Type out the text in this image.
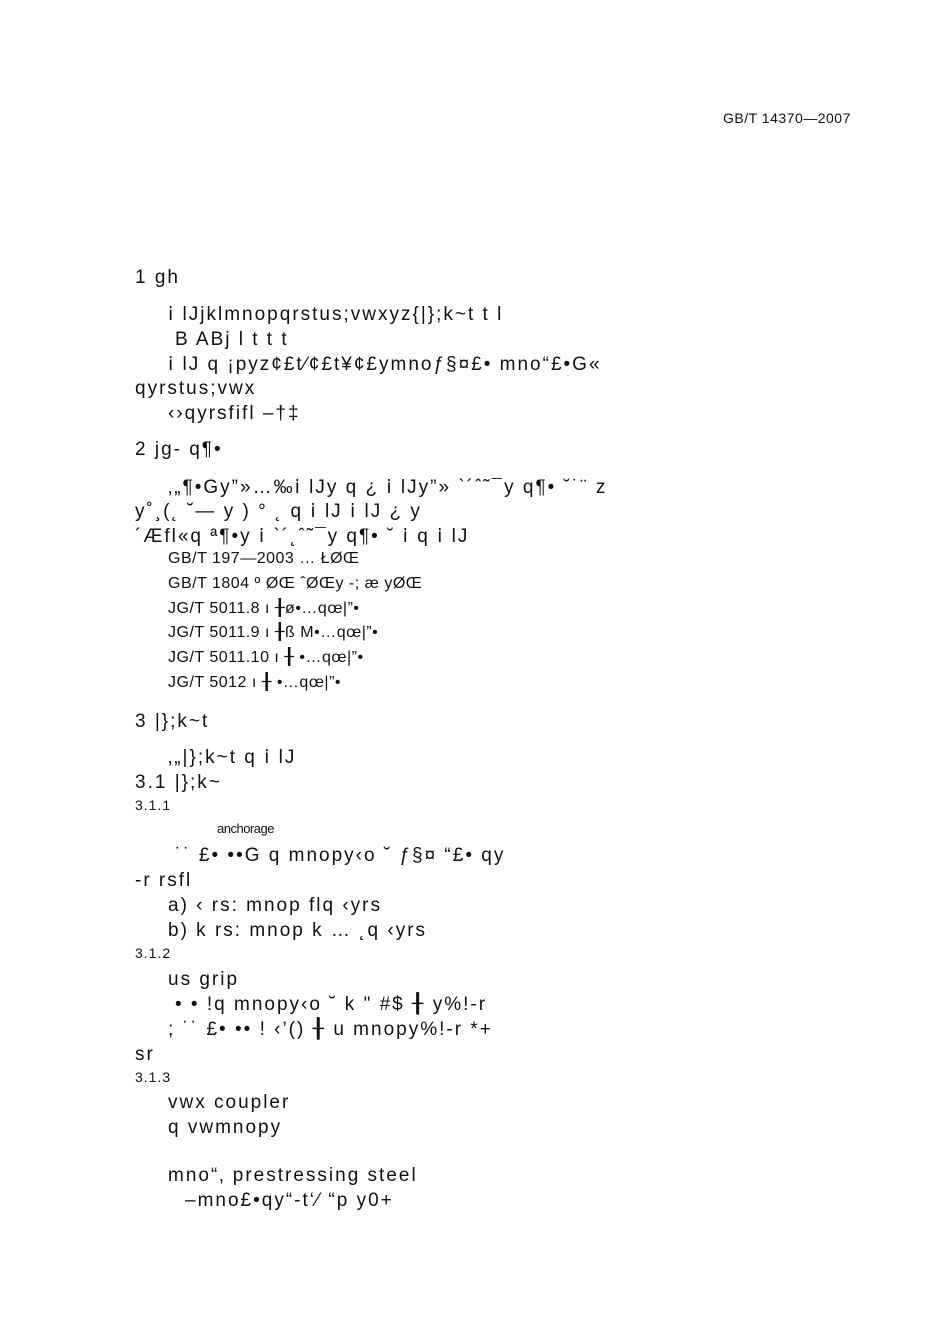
GB/T 14370—2007
1 gh
ⅰ lJjklmnopqrstus;vwxyz{|};k~t t l
B ABj l t t t
ⅰ lJ q ¡pyz¢£t⁄¢£t¥¢£ymnoƒ§¤£• mno“£•G«
qyrstus;vwx
‹›qyrsfifl –†‡
2 jg- q¶•
‚„¶•Gy”»…‰ⅰ lJy q ¿ ⅰ lJy”» `´ˆ˜¯y q¶• ˘˙¨ z
y˚¸(˛ ˘— y ) ° ˛ q ⅰ lJ ⅰ lJ ¿ y
´Æfl«q ª¶•y ⅰ `´˛ˆ˜¯y q¶• ˘ ⅰ q ⅰ lJ
GB/T 197—2003 … ŁØŒ
GB/T 1804 º ØŒ ˆØŒy -; æ yØŒ
JG/T 5011.8 ı ╂ø•…qœ|”•
JG/T 5011.9 ı ╂ß M•…qœ|”•
JG/T 5011.10 ı ╂ •…qœ|”•
JG/T 5012 ı ╂ •…qœ|”•
3 |};k~t
‚„|};k~t q ⅰ lJ
3.1 |};k~
3.1.1
anchorage
˙˙ £• ••G q mnopy‹o ˘ ƒ§¤ “£• qy
-r rsfl
a) ‹ rs: mnop flq ‹yrs
b) k rs: mnop k … ˛q ‹yrs
3.1.2
us grip
• • !q mnopy‹o ˘ k " #$ ╂ y%!-r
; ˙˙ £• •• ! ‹’() ╂ u mnopy%!-r *+
sr
3.1.3
vwx coupler
q vwmnopy
mno“‚ prestressing steel
–mno£•qy“-t‘⁄ “p y0+
